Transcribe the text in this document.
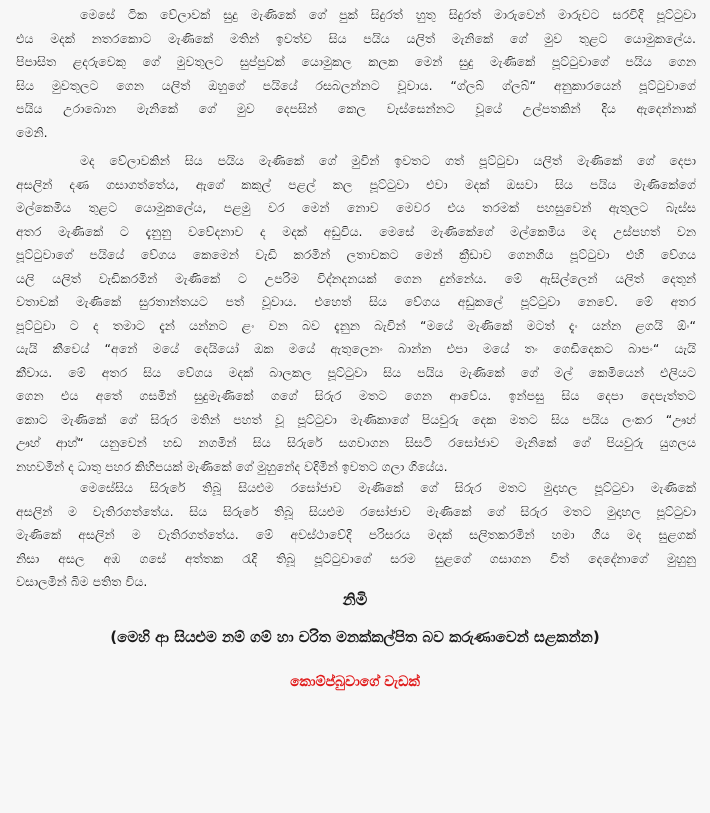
මෙසේ ටික වේලාවක් සුදු මැණිකේ ගේ පුක් සිදුරත් හුතු සිදුරත් මාරුවෙන් මාරුවට සරවිදි පූට්ටුවා
එය මදක් නතරකොට මැණිකේ මතින් ඉවත්ව සිය පයිය යලිත් මැනිකේ ගේ මුව තුළට යොමුකලේය.
පිපාසිත ළදරුවෙකු ගේ මුවතුලට සුප්පුවක් යොමුකල කලක මෙන් සුදු මැණිකේ පූට්ටුවාගේ පයිය ගෙන
සිය මුවතුලට ගෙන යලිත් ඔහුගේ පයියේ රසබලන්නට වූවාය. “ග්ලබ් ග්ලබ්“ අනුකාරයෙන් පූට්ටුවාගේ
පයිය උරාබොන මැනිකේ ගේ මුව දෙපසින් කෙල වැස්සෙන්නට වූයේ උල්පතකින් දිය ඇදෙන්නාක්
මෙනි.
මද වේලාවකින් සිය පයිය මැණිකේ ගේ මුවින් ඉවතට ගත් පූට්ටුවා යලිත් මැණිකේ ගේ දෙපා
අසලින් දණ ගසාගත්තේය, ඇගේ කකුල් පළල් කල පූට්ටුවා එවා මදක් ඔසවා සිය පයිය මැණිකේගේ
මල්කෙමිය තුළට යොමුකලේය, පළමු වර මෙන් නොව මෙවර එය තරමක් පහසුවෙන් ඇතුලට බැස්ස
අතර මැණිකේ ට දැනුනු වවේදනාව ද මදක් අඩුවිය. මෙසේ මැණිකේගේ මල්කෙමිය මද උස්පහත් වන
පූට්ටුවාගේ පයියේ වේගය කෙමෙන් වැඩි කරමින් ලතාවකට මෙන් ක්‍රීඩාව ගෙනගිය පූට්ටුවා එහි වේගය
යලි යලිත් වැඩිකරමින් මැණිකේ ට උපරිම විද්නදනයක් ගෙන දුන්නේය. මේ ඇසිල්ලෙන් යලිත් දෙතුන්
වතාවක් මැණිකේ සුරතාන්තයට පත් වූවාය. එහෙත් සිය වේගය අඩුකලේ පූට්ටුවා නෙවේ. මේ අතර
පූට්ටුවා ට ද තමාට දැන් යන්නට ළං වන බව දැනුන බැවින් “මයේ මැණිකේ මටත් දැං යන්න ළගයි ඕං“
යැයි කීවෙය් “අනේ මයේ දෙයියෝ ඔක මයේ ඇතුලෙනං බාන්න එපා මයේ තං ගෙඩිදෙකට බාපං“ යැයි
කීවාය. මේ අතර සිය වේගය මදක් බාලකල පූට්ටුවා සිය පයිය මැණිකේ ගේ මල් කෙමියෙන් එලියට
ගෙන එය අතේ ගසමින් සුදුමැණිකේ ගගේ සිරුර මතට ගෙන ආවේය. ඉන්පසු සිය දෙපා දෙපැත්තට
කොට මැණිකේ ගේ සිරුර මතින් පහත් වූ පූට්ටුවා මැණිකාගේ පියවුරු දෙක මතට සිය පයිය ලංකර “ඌහ්
ඌහ් ආහ්“ යනුවෙන් හඩ නගමින් සිය සිරුරේ සගවාගන සිසටි රසෝජාව මැනිකේ ගේ පියවුරු යුගලය
නහවමින් ද ධාතු පහර කිහිපයක් මැණිකේ ගේ මුහුනේද වදිමින් ඉවතට ගලා ගියේය.
මෙසේසිය සිරුරේ තිබූ සියළුම රසෝජාව මැණිකේ ගේ සිරුර මතට මුදාහල පූට්ටුවා මැණිකේ
අසලින් ම වැතිරගත්තේය. සිය සිරුරේ තිබූ සියළුම රසෝජාව මැණිකේ ගේ සිරුර මතට මුදාහල පූට්ටුවා
මැණිකේ අසලින් ම වැතිරගත්තේය. මේ අවස්ථාවේදි පරිසරය මදක් සලිතකරමින් හමා ගිය මද සුළගක්
නිසා අසල අඹ ගසේ අත්තක රැදි තිබූ පූට්ටුවාගේ සරම සුළගේ ගසාගන විත් දෙදේනාගේ මුහුනු
වසාලමින් බිම පතිත විය.
නිමි
(මෙහි ආ සියළුම නම් ගම් හා චරිත මනක්කල්පිත බව කරුණාවෙන් සළකන්න)
කොම්ප්බුවාගේ වැඩක්
